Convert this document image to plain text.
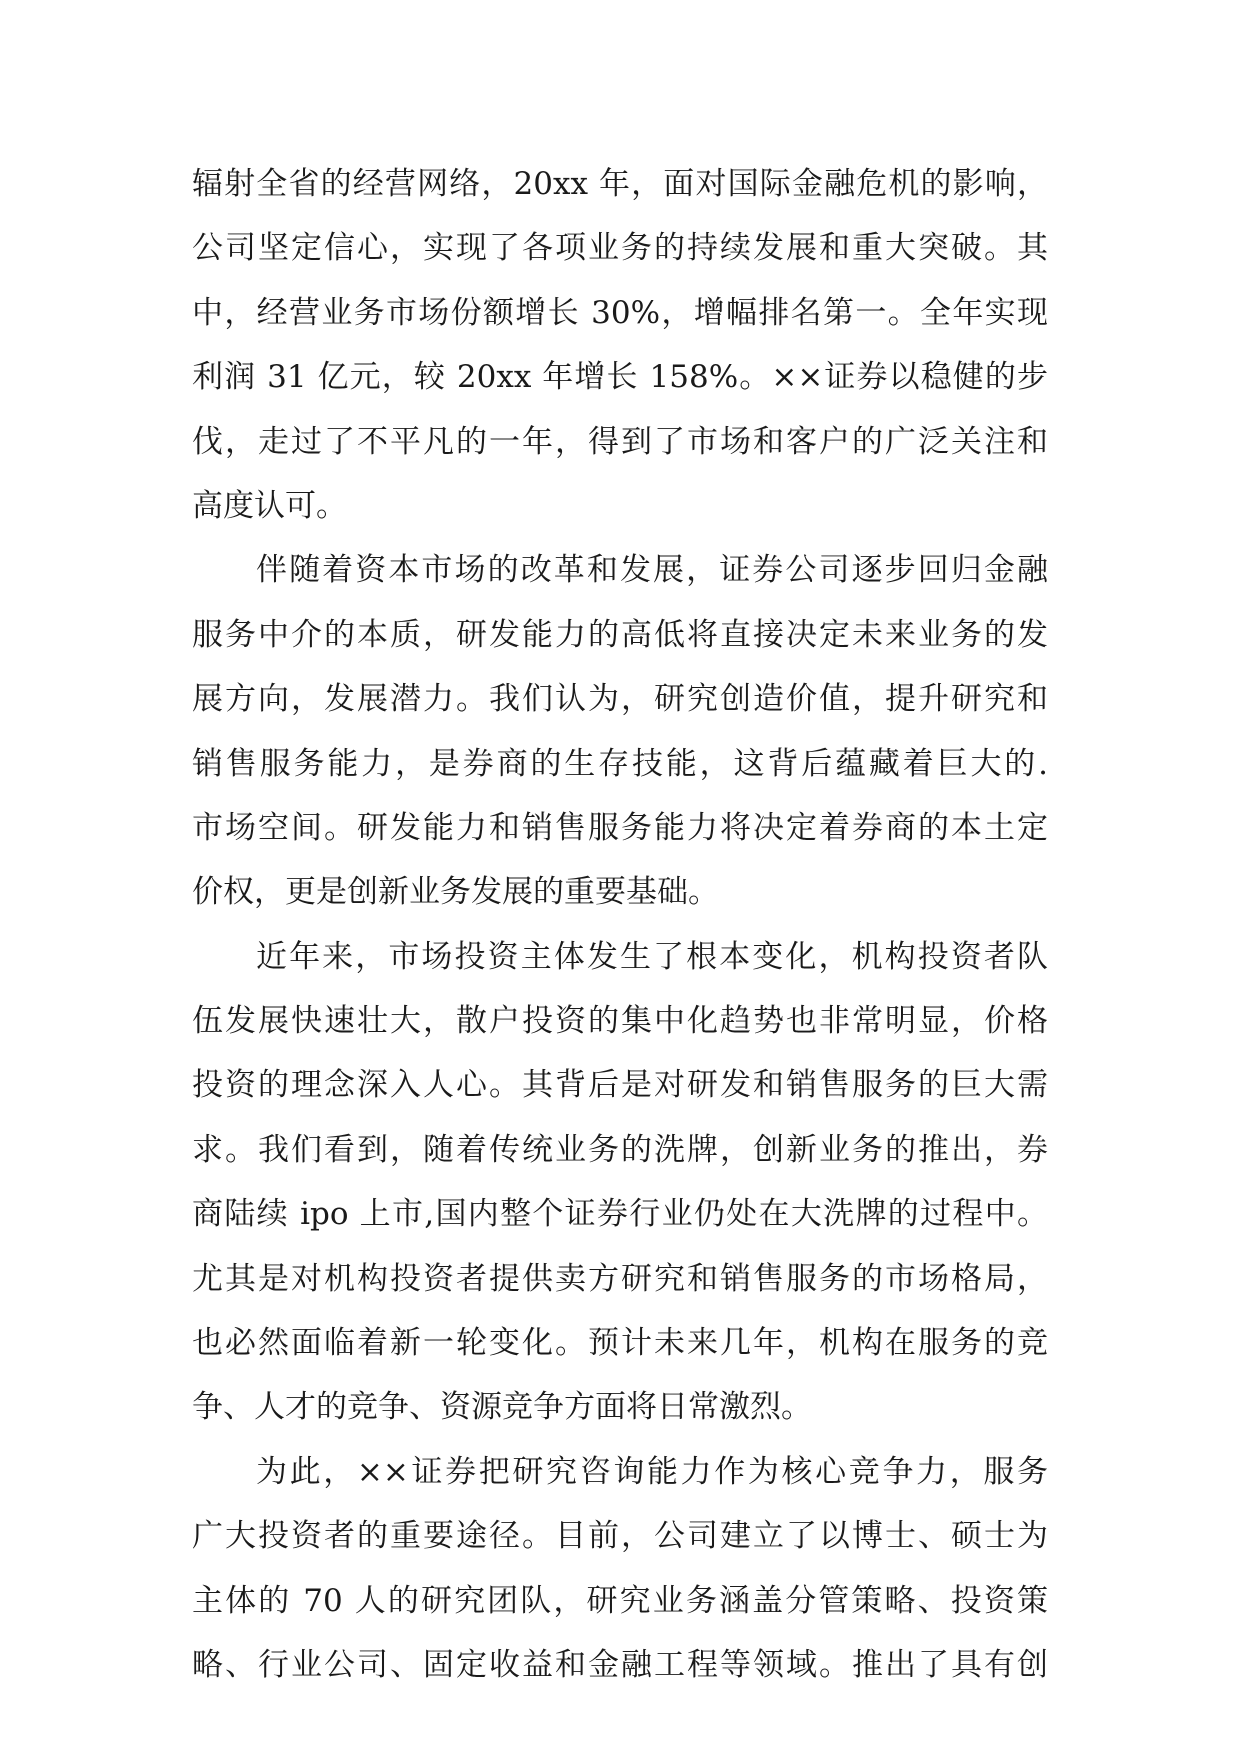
辐射全省的经营网络，20xx 年，面对国际金融危机的影响，
公司坚定信心，实现了各项业务的持续发展和重大突破。其
中，经营业务市场份额增长 30%，增幅排名第一。全年实现
利润 31 亿元，较 20xx 年增长 158%。××证券以稳健的步
伐，走过了不平凡的一年，得到了市场和客户的广泛关注和
高度认可。
伴随着资本市场的改革和发展，证券公司逐步回归金融
服务中介的本质，研发能力的高低将直接决定未来业务的发
展方向，发展潜力。我们认为，研究创造价值，提升研究和
销售服务能力，是券商的生存技能，这背后蕴藏着巨大的.
市场空间。研发能力和销售服务能力将决定着券商的本土定
价权，更是创新业务发展的重要基础。
近年来，市场投资主体发生了根本变化，机构投资者队
伍发展快速壮大，散户投资的集中化趋势也非常明显，价格
投资的理念深入人心。其背后是对研发和销售服务的巨大需
求。我们看到，随着传统业务的洗牌，创新业务的推出，券
商陆续 ipo 上市,国内整个证券行业仍处在大洗牌的过程中。
尤其是对机构投资者提供卖方研究和销售服务的市场格局，
也必然面临着新一轮变化。预计未来几年，机构在服务的竞
争、人才的竞争、资源竞争方面将日常激烈。
为此，××证券把研究咨询能力作为核心竞争力，服务
广大投资者的重要途径。目前，公司建立了以博士、硕士为
主体的 70 人的研究团队，研究业务涵盖分管策略、投资策
略、行业公司、固定收益和金融工程等领域。推出了具有创
